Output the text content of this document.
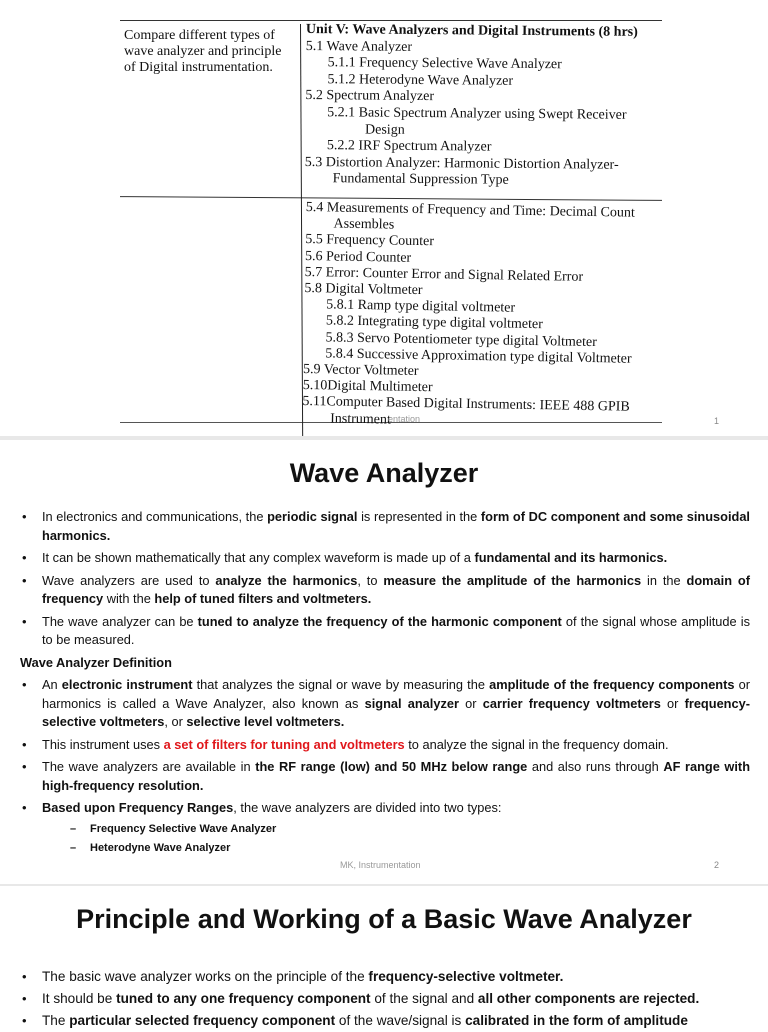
Compare different types of wave analyzer and principle of Digital instrumentation.
Unit V: Wave Analyzers and Digital Instruments (8 hrs)
5.1 Wave Analyzer
5.1.1 Frequency Selective Wave Analyzer
5.1.2 Heterodyne Wave Analyzer
5.2 Spectrum Analyzer
5.2.1 Basic Spectrum Analyzer using Swept Receiver
Design
5.2.2 IRF Spectrum Analyzer
5.3 Distortion Analyzer: Harmonic Distortion Analyzer-
Fundamental Suppression Type
5.4 Measurements of Frequency and Time: Decimal Count
Assembles
5.5 Frequency Counter
5.6 Period Counter
5.7 Error: Counter Error and Signal Related Error
5.8 Digital Voltmeter
5.8.1 Ramp type digital voltmeter
5.8.2 Integrating type digital voltmeter
5.8.3 Servo Potentiometer type digital Voltmeter
5.8.4 Successive Approximation type digital Voltmeter
5.9 Vector Voltmeter
5.10Digital Multimeter
5.11Computer Based Digital Instruments: IEEE 488 GPIB
Instrument
entation	1
Wave Analyzer
• In electronics and communications, the periodic signal is represented in the form of DC component and some sinusoidal harmonics.
• It can be shown mathematically that any complex waveform is made up of a fundamental and its harmonics.
• Wave analyzers are used to analyze the harmonics, to measure the amplitude of the harmonics in the domain of frequency with the help of tuned filters and voltmeters.
• The wave analyzer can be tuned to analyze the frequency of the harmonic component of the signal whose amplitude is to be measured.
Wave Analyzer Definition
• An electronic instrument that analyzes the signal or wave by measuring the amplitude of the frequency components or harmonics is called a Wave Analyzer, also known as signal analyzer or carrier frequency voltmeters or frequency-selective voltmeters, or selective level voltmeters.
• This instrument uses a set of filters for tuning and voltmeters to analyze the signal in the frequency domain.
• The wave analyzers are available in the RF range (low) and 50 MHz below range and also runs through AF range with high-frequency resolution.
• Based upon Frequency Ranges, the wave analyzers are divided into two types:
– Frequency Selective Wave Analyzer
– Heterodyne Wave Analyzer
MK, Instrumentation	2
Principle and Working of a Basic Wave Analyzer
• The basic wave analyzer works on the principle of the frequency-selective voltmeter.
• It should be tuned to any one frequency component of the signal and all other components are rejected.
• The particular selected frequency component of the wave/signal is calibrated in the form of amplitude
